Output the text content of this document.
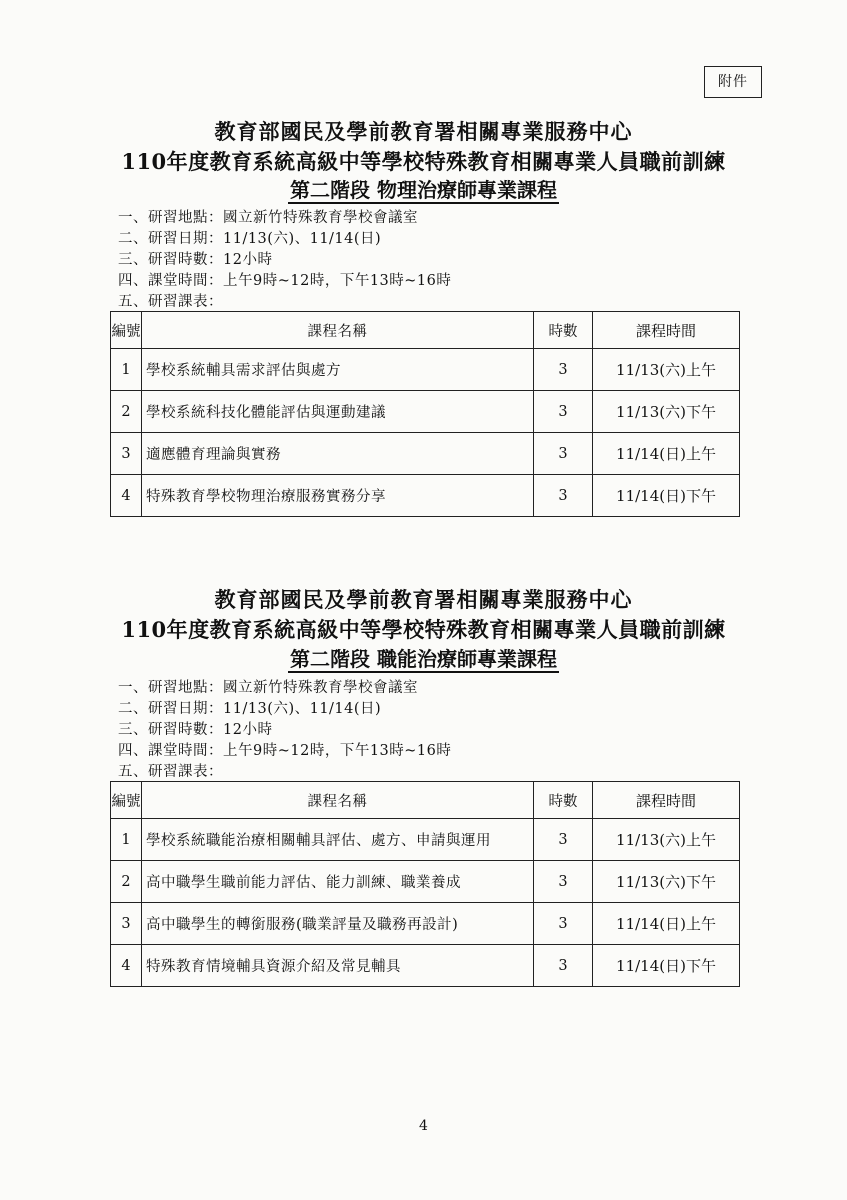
附件
教育部國民及學前教育署相關專業服務中心
110年度教育系統高級中等學校特殊教育相關專業人員職前訓練
第二階段 物理治療師專業課程
一、研習地點：國立新竹特殊教育學校會議室
二、研習日期：11/13(六)、11/14(日)
三、研習時數：12小時
四、課堂時間：上午9時~12時，下午13時~16時
五、研習課表：
編號	課程名稱	時數	課程時間
1	學校系統輔具需求評估與處方	3	11/13(六)上午
2	學校系統科技化體能評估與運動建議	3	11/13(六)下午
3	適應體育理論與實務	3	11/14(日)上午
4	特殊教育學校物理治療服務實務分享	3	11/14(日)下午
教育部國民及學前教育署相關專業服務中心
110年度教育系統高級中等學校特殊教育相關專業人員職前訓練
第二階段 職能治療師專業課程
一、研習地點：國立新竹特殊教育學校會議室
二、研習日期：11/13(六)、11/14(日)
三、研習時數：12小時
四、課堂時間：上午9時~12時，下午13時~16時
五、研習課表：
編號	課程名稱	時數	課程時間
1	學校系統職能治療相關輔具評估、處方、申請與運用	3	11/13(六)上午
2	高中職學生職前能力評估、能力訓練、職業養成	3	11/13(六)下午
3	高中職學生的轉銜服務(職業評量及職務再設計)	3	11/14(日)上午
4	特殊教育情境輔具資源介紹及常見輔具	3	11/14(日)下午
4
